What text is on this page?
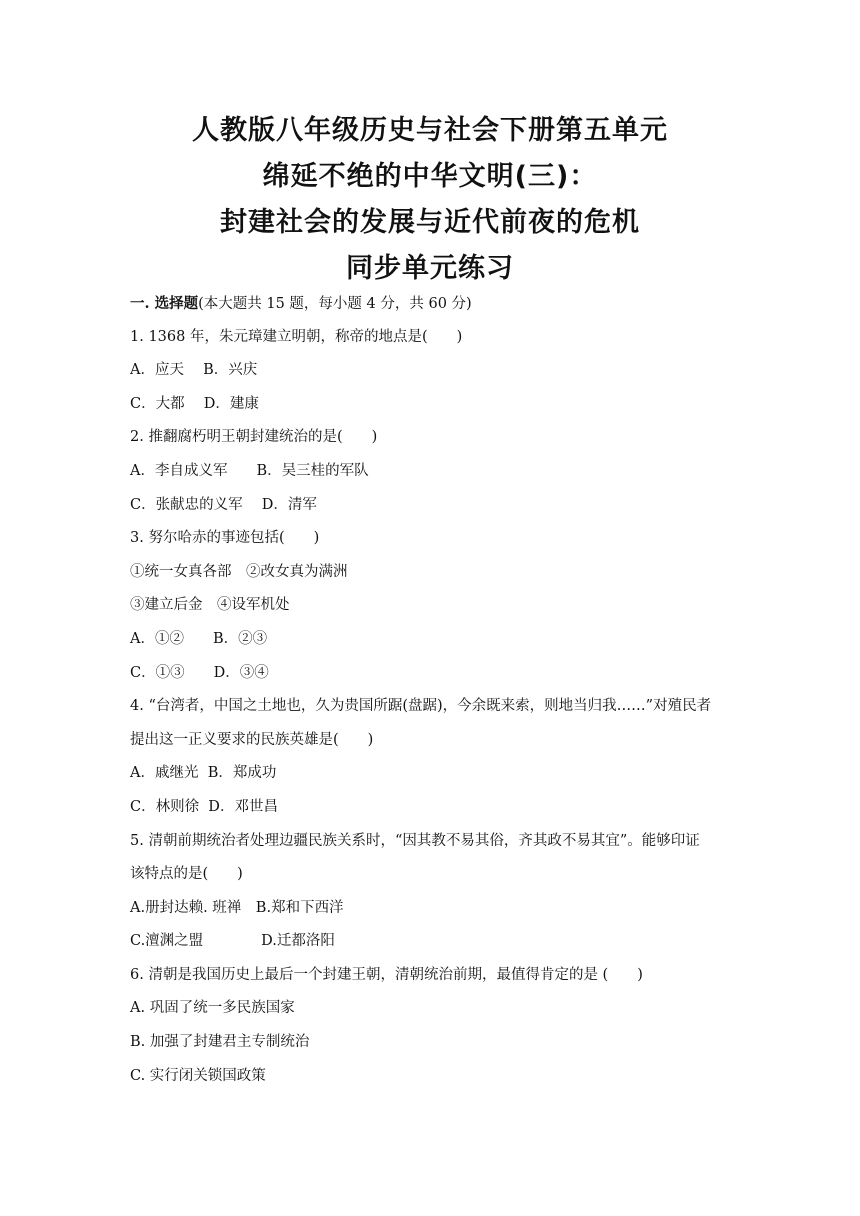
人教版八年级历史与社会下册第五单元
绵延不绝的中华文明(三)：
封建社会的发展与近代前夜的危机
同步单元练习
一. 选择题(本大题共 15 题，每小题 4 分，共 60 分)
1. 1368 年，朱元璋建立明朝，称帝的地点是(　　)
A．应天　 B．兴庆
C．大都　 D．建康
2. 推翻腐朽明王朝封建统治的是(　　)
A．李自成义军　　B．吴三桂的军队
C．张献忠的义军　 D．清军
3. 努尔哈赤的事迹包括(　　)
①统一女真各部　②改女真为满洲
③建立后金　④设军机处
A．①②　　B．②③
C．①③　　D．③④
4. “台湾者，中国之土地也，久为贵国所踞(盘踞)，今余既来索，则地当归我……”对殖民者
提出这一正义要求的民族英雄是(　　)
A．戚继光  B．郑成功
C．林则徐  D．邓世昌
5. 清朝前期统治者处理边疆民族关系时，“因其教不易其俗，齐其政不易其宜”。能够印证
该特点的是(　　)
A.册封达赖. 班禅　B.郑和下西洋
C.澶渊之盟　　　　D.迁都洛阳
6. 清朝是我国历史上最后一个封建王朝，清朝统治前期，最值得肯定的是 (　　)
A. 巩固了统一多民族国家
B. 加强了封建君主专制统治
C. 实行闭关锁国政策
